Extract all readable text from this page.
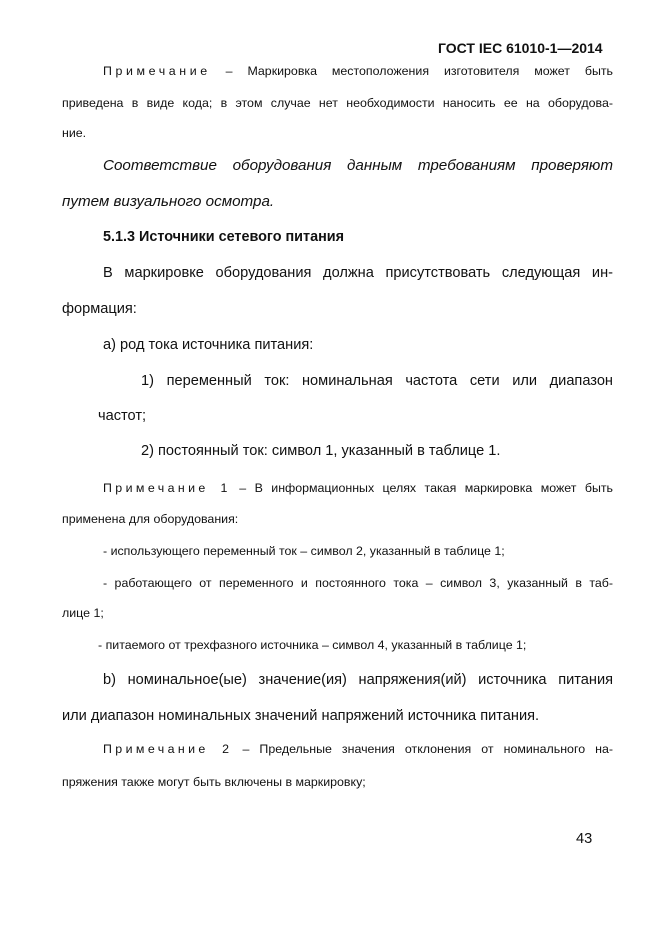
ГОСТ IEC 61010-1—2014
Примечание – Маркировка местоположения изготовителя может быть
приведена в виде кода; в этом случае нет необходимости наносить ее на оборудова-
ние.
Соответствие оборудования данным требованиям проверяют
путем визуального осмотра.
5.1.3 Источники сетевого питания
В маркировке оборудования должна присутствовать следующая ин-
формация:
а) род тока источника питания:
1) переменный ток: номинальная частота сети или диапазон
частот;
2) постоянный ток: символ 1, указанный в таблице 1.
Примечание 1 – В информационных целях такая маркировка может быть
применена для оборудования:
- использующего переменный ток – символ 2, указанный в таблице 1;
- работающего от переменного и постоянного тока – символ 3, указанный в таб-
лице 1;
- питаемого от трехфазного источника – символ 4, указанный в таблице 1;
b) номинальное(ые) значение(ия) напряжения(ий) источника питания
или диапазон номинальных значений напряжений источника питания.
Примечание 2 – Предельные значения отклонения от номинального на-
пряжения также могут быть включены в маркировку;
43
